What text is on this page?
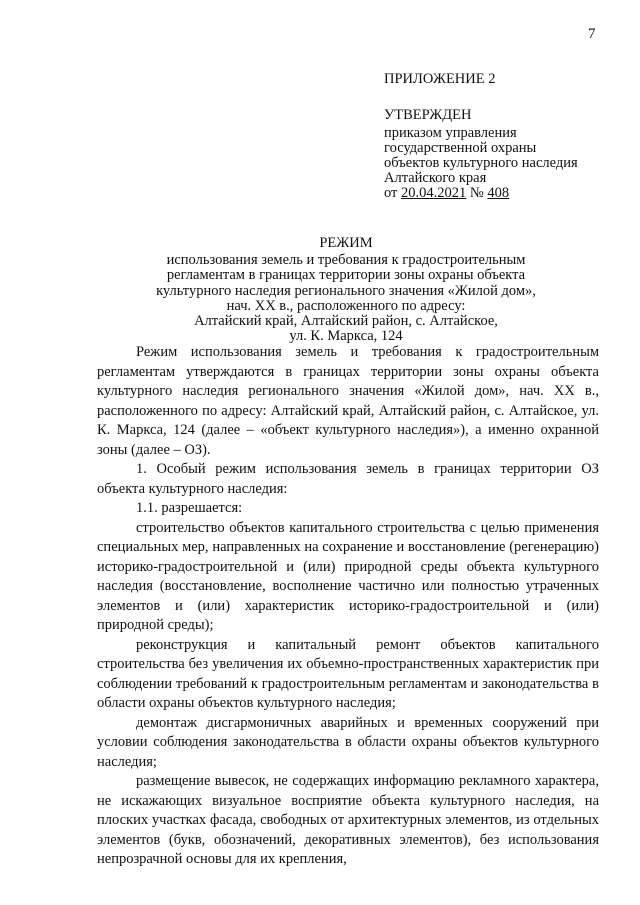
7
ПРИЛОЖЕНИЕ 2
УТВЕРЖДЕН
приказом управления
государственной охраны
объектов культурного наследия
Алтайского края
от 20.04.2021 № 408
РЕЖИМ
использования земель и требования к градостроительным
регламентам в границах территории зоны охраны объекта
культурного наследия регионального значения «Жилой дом»,
нач. XX в., расположенного по адресу:
Алтайский край, Алтайский район, с. Алтайское,
ул. К. Маркса, 124

Режим использования земель и требования к градостроительным регламентам утверждаются в границах территории зоны охраны объекта культурного наследия регионального значения «Жилой дом», нач. XX в., расположенного по адресу: Алтайский край, Алтайский район, с. Алтайское, ул. К. Маркса, 124 (далее – «объект культурного наследия»), а именно охранной зоны (далее – ОЗ).

1. Особый режим использования земель в границах территории ОЗ объекта культурного наследия:

1.1. разрешается:

строительство объектов капитального строительства с целью применения специальных мер, направленных на сохранение и восстановление (регенерацию) историко-градостроительной и (или) природной среды объекта культурного наследия (восстановление, восполнение частично или полностью утраченных элементов и (или) характеристик историко-градостроительной и (или) природной среды);

реконструкция и капитальный ремонт объектов капитального строительства без увеличения их объемно-пространственных характеристик при соблюдении требований к градостроительным регламентам и законодательства в области охраны объектов культурного наследия;

демонтаж дисгармоничных аварийных и временных сооружений при условии соблюдения законодательства в области охраны объектов культурного наследия;

размещение вывесок, не содержащих информацию рекламного характера, не искажающих визуальное восприятие объекта культурного наследия, на плоских участках фасада, свободных от архитектурных элементов, из отдельных элементов (букв, обозначений, декоративных элементов), без использования непрозрачной основы для их крепления,
